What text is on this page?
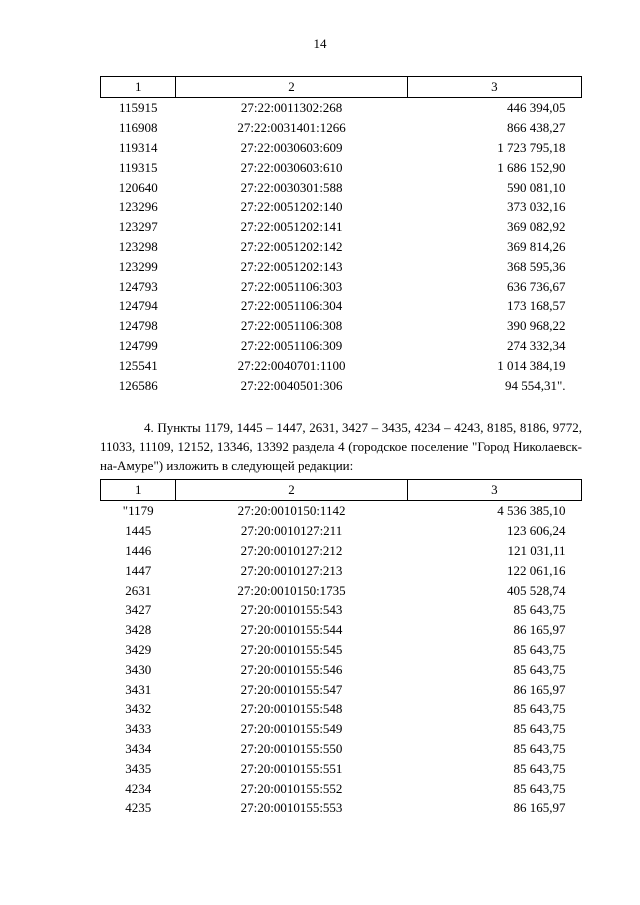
14
1	2	3
115915	27:22:0011302:268	446 394,05
116908	27:22:0031401:1266	866 438,27
119314	27:22:0030603:609	1 723 795,18
119315	27:22:0030603:610	1 686 152,90
120640	27:22:0030301:588	590 081,10
123296	27:22:0051202:140	373 032,16
123297	27:22:0051202:141	369 082,92
123298	27:22:0051202:142	369 814,26
123299	27:22:0051202:143	368 595,36
124793	27:22:0051106:303	636 736,67
124794	27:22:0051106:304	173 168,57
124798	27:22:0051106:308	390 968,22
124799	27:22:0051106:309	274 332,34
125541	27:22:0040701:1100	1 014 384,19
126586	27:22:0040501:306	94 554,31".
4. Пункты 1179, 1445 – 1447, 2631, 3427 – 3435, 4234 – 4243, 8185, 8186, 9772, 11033, 11109, 12152, 13346, 13392 раздела 4 (городское поселение "Город Николаевск-на-Амуре") изложить в следующей редакции:
1	2	3
"1179	27:20:0010150:1142	4 536 385,10
1445	27:20:0010127:211	123 606,24
1446	27:20:0010127:212	121 031,11
1447	27:20:0010127:213	122 061,16
2631	27:20:0010150:1735	405 528,74
3427	27:20:0010155:543	85 643,75
3428	27:20:0010155:544	86 165,97
3429	27:20:0010155:545	85 643,75
3430	27:20:0010155:546	85 643,75
3431	27:20:0010155:547	86 165,97
3432	27:20:0010155:548	85 643,75
3433	27:20:0010155:549	85 643,75
3434	27:20:0010155:550	85 643,75
3435	27:20:0010155:551	85 643,75
4234	27:20:0010155:552	85 643,75
4235	27:20:0010155:553	86 165,97
